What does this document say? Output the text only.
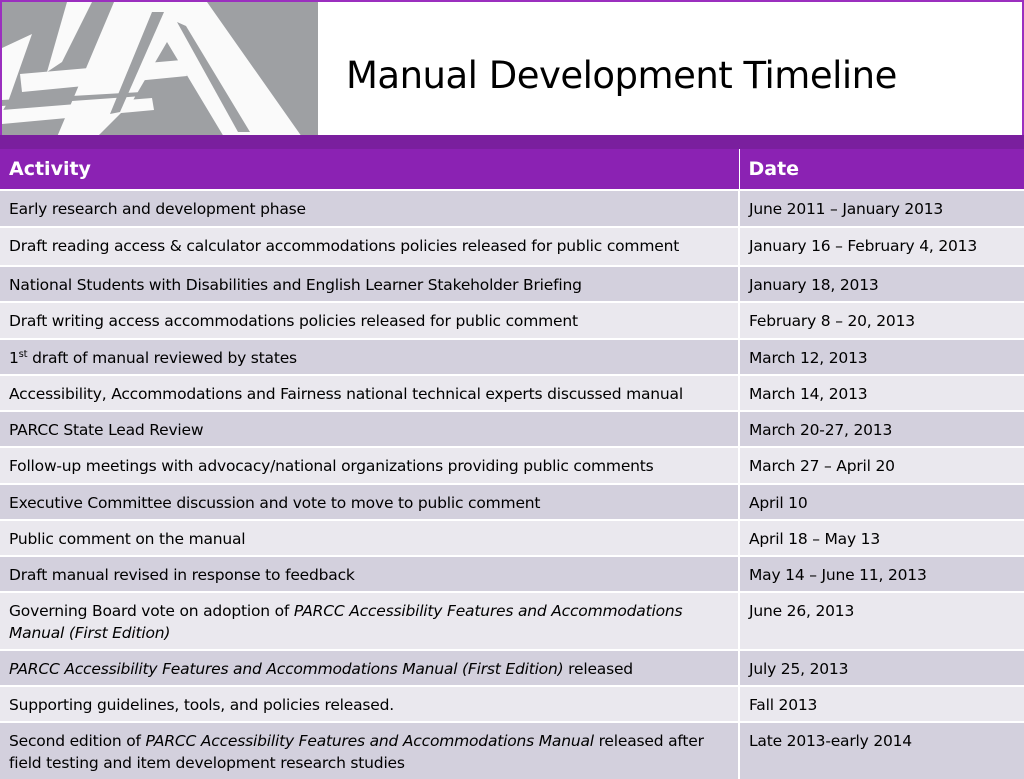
Manual Development Timeline
Activity	Date
Early research and development phase	June 2011 – January 2013
Draft reading access & calculator accommodations policies released for public comment	January 16 – February 4, 2013
National Students with Disabilities and English Learner Stakeholder Briefing	January 18, 2013
Draft writing access accommodations policies released for public comment	February 8 – 20, 2013
1st draft of manual reviewed by states	March 12, 2013
Accessibility, Accommodations and Fairness national technical experts discussed manual	March 14, 2013
PARCC State Lead Review	March 20-27, 2013
Follow-up meetings with advocacy/national organizations providing public comments	March 27 – April 20
Executive Committee discussion and vote to move to public comment	April 10
Public comment on the manual	April 18 – May 13
Draft manual revised in response to feedback	May 14 – June 11, 2013
Governing Board vote on adoption of PARCC Accessibility Features and Accommodations Manual (First Edition)	June 26, 2013
PARCC Accessibility Features and Accommodations Manual (First Edition) released	July 25, 2013
Supporting guidelines, tools, and policies released.	Fall 2013
Second edition of PARCC Accessibility Features and Accommodations Manual released after field testing and item development research studies	Late 2013-early 2014
